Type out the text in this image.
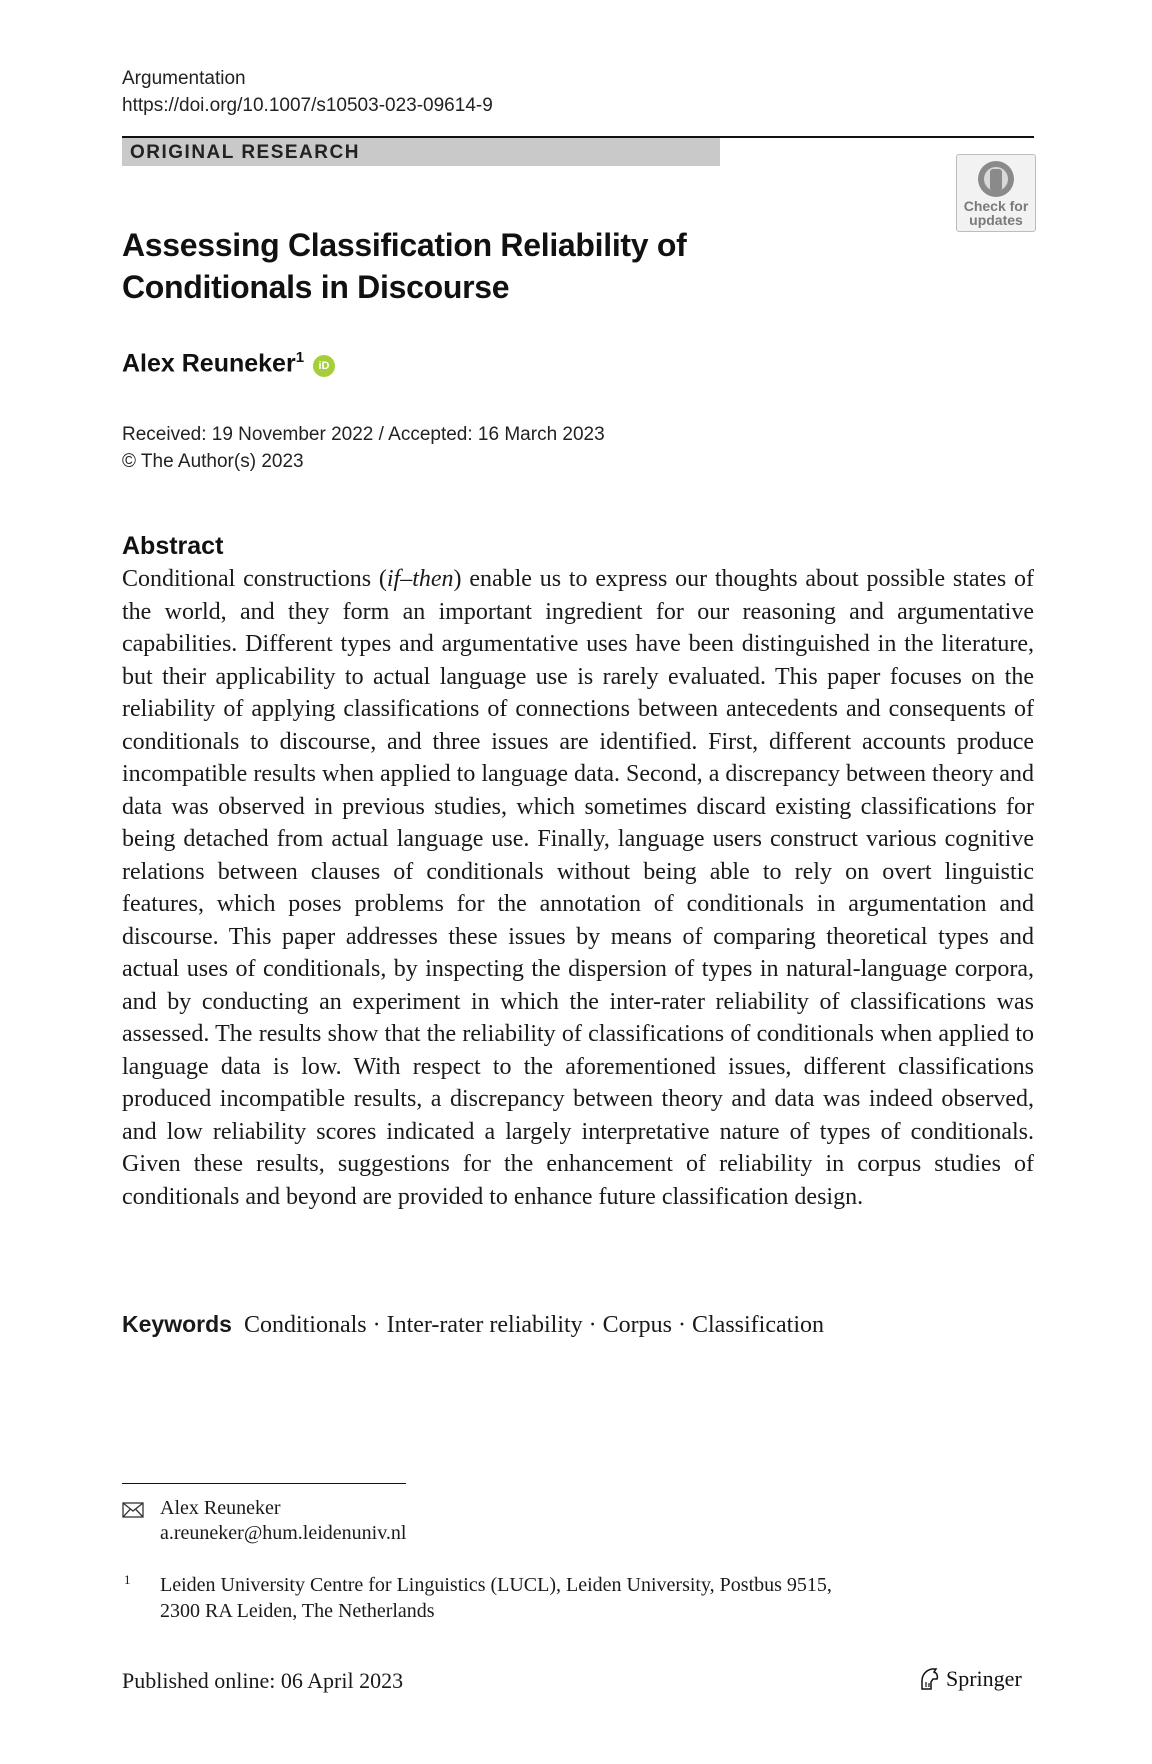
Argumentation
https://doi.org/10.1007/s10503-023-09614-9
ORIGINAL RESEARCH
Check for
updates
Assessing Classification Reliability of Conditionals in Discourse
Alex Reuneker$^1$ iD
Received: 19 November 2022 / Accepted: 16 March 2023
© The Author(s) 2023
Abstract
Conditional constructions (if–then) enable us to express our thoughts about possible states of the world, and they form an important ingredient for our reasoning and argumentative capabilities. Different types and argumentative uses have been distinguished in the literature, but their applicability to actual language use is rarely evaluated. This paper focuses on the reliability of applying classifications of connections between antecedents and consequents of conditionals to discourse, and three issues are identified. First, different accounts produce incompatible results when applied to language data. Second, a discrepancy between theory and data was observed in previous studies, which sometimes discard existing classifications for being detached from actual language use. Finally, language users construct various cognitive relations between clauses of conditionals without being able to rely on overt linguistic features, which poses problems for the annotation of conditionals in argumentation and discourse. This paper addresses these issues by means of comparing theoretical types and actual uses of conditionals, by inspecting the dispersion of types in natural-language corpora, and by conducting an experiment in which the inter-rater reliability of classifications was assessed. The results show that the reliability of classifications of conditionals when applied to language data is low. With respect to the aforementioned issues, different classifications produced incompatible results, a discrepancy between theory and data was indeed observed, and low reliability scores indicated a largely interpretative nature of types of conditionals. Given these results, suggestions for the enhancement of reliability in corpus studies of conditionals and beyond are provided to enhance future classification design.
Keywords Conditionals · Inter-rater reliability · Corpus · Classification
Alex Reuneker
a.reuneker@hum.leidenuniv.nl
1 Leiden University Centre for Linguistics (LUCL), Leiden University, Postbus 9515,
2300 RA Leiden, The Netherlands
Published online: 06 April 2023	Springer
